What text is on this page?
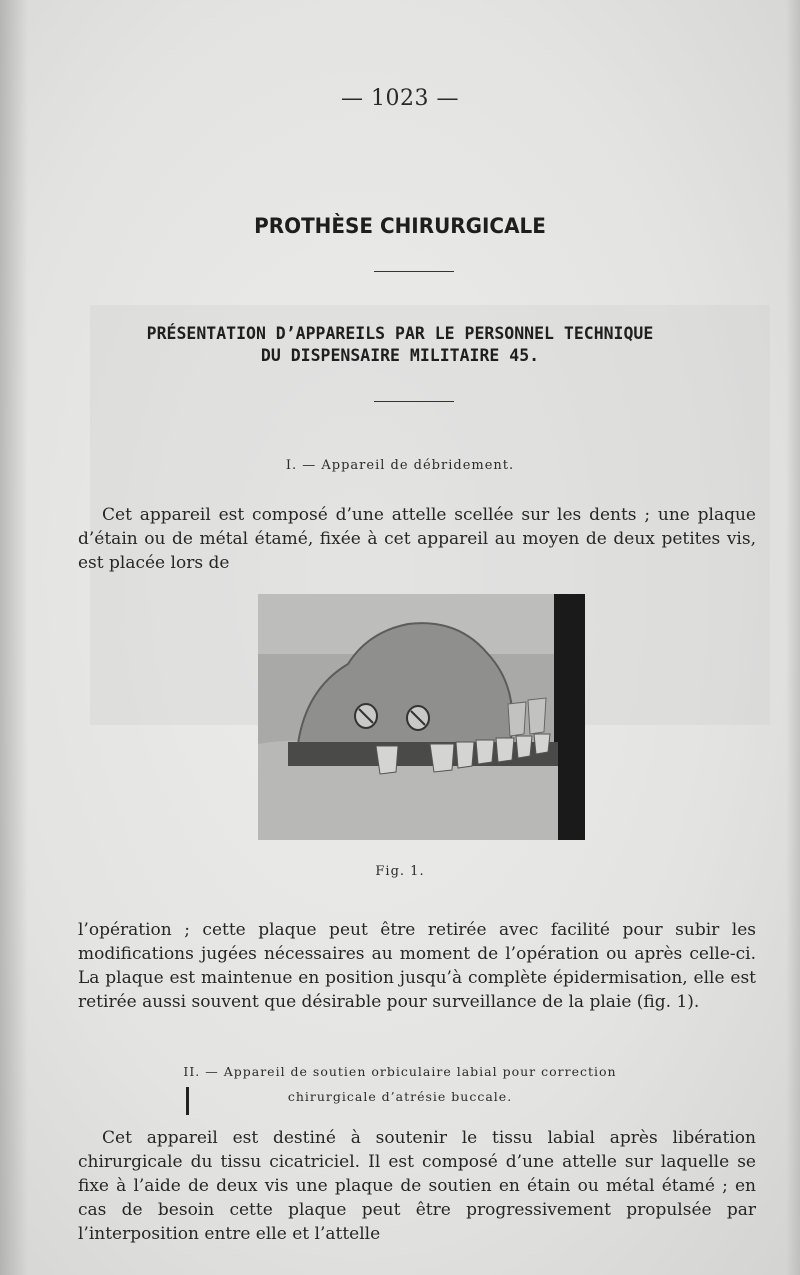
— 1023 —
PROTHÈSE CHIRURGICALE
PRÉSENTATION D’APPAREILS PAR LE PERSONNEL TECHNIQUE
DU DISPENSAIRE MILITAIRE 45.
I. — Appareil de débridement.
Cet appareil est composé d’une attelle scellée sur les dents ; une plaque d’étain ou de métal étamé, fixée à cet appareil au moyen de deux petites vis, est placée lors de
Fig. 1.
l’opération ; cette plaque peut être retirée avec facilité pour subir les modifications jugées nécessaires au moment de l’opération ou après celle-ci. La plaque est maintenue en position jusqu’à complète épidermisation, elle est retirée aussi souvent que désirable pour surveillance de la plaie (fig. 1).
II. — Appareil de soutien orbiculaire labial pour correction
chirurgicale d’atrésie buccale.
Cet appareil est destiné à soutenir le tissu labial après libération chirurgicale du tissu cicatriciel. Il est composé d’une attelle sur laquelle se fixe à l’aide de deux vis une plaque de soutien en étain ou métal étamé ; en cas de besoin cette plaque peut être progressivement propulsée par l’interposition entre elle et l’attelle
